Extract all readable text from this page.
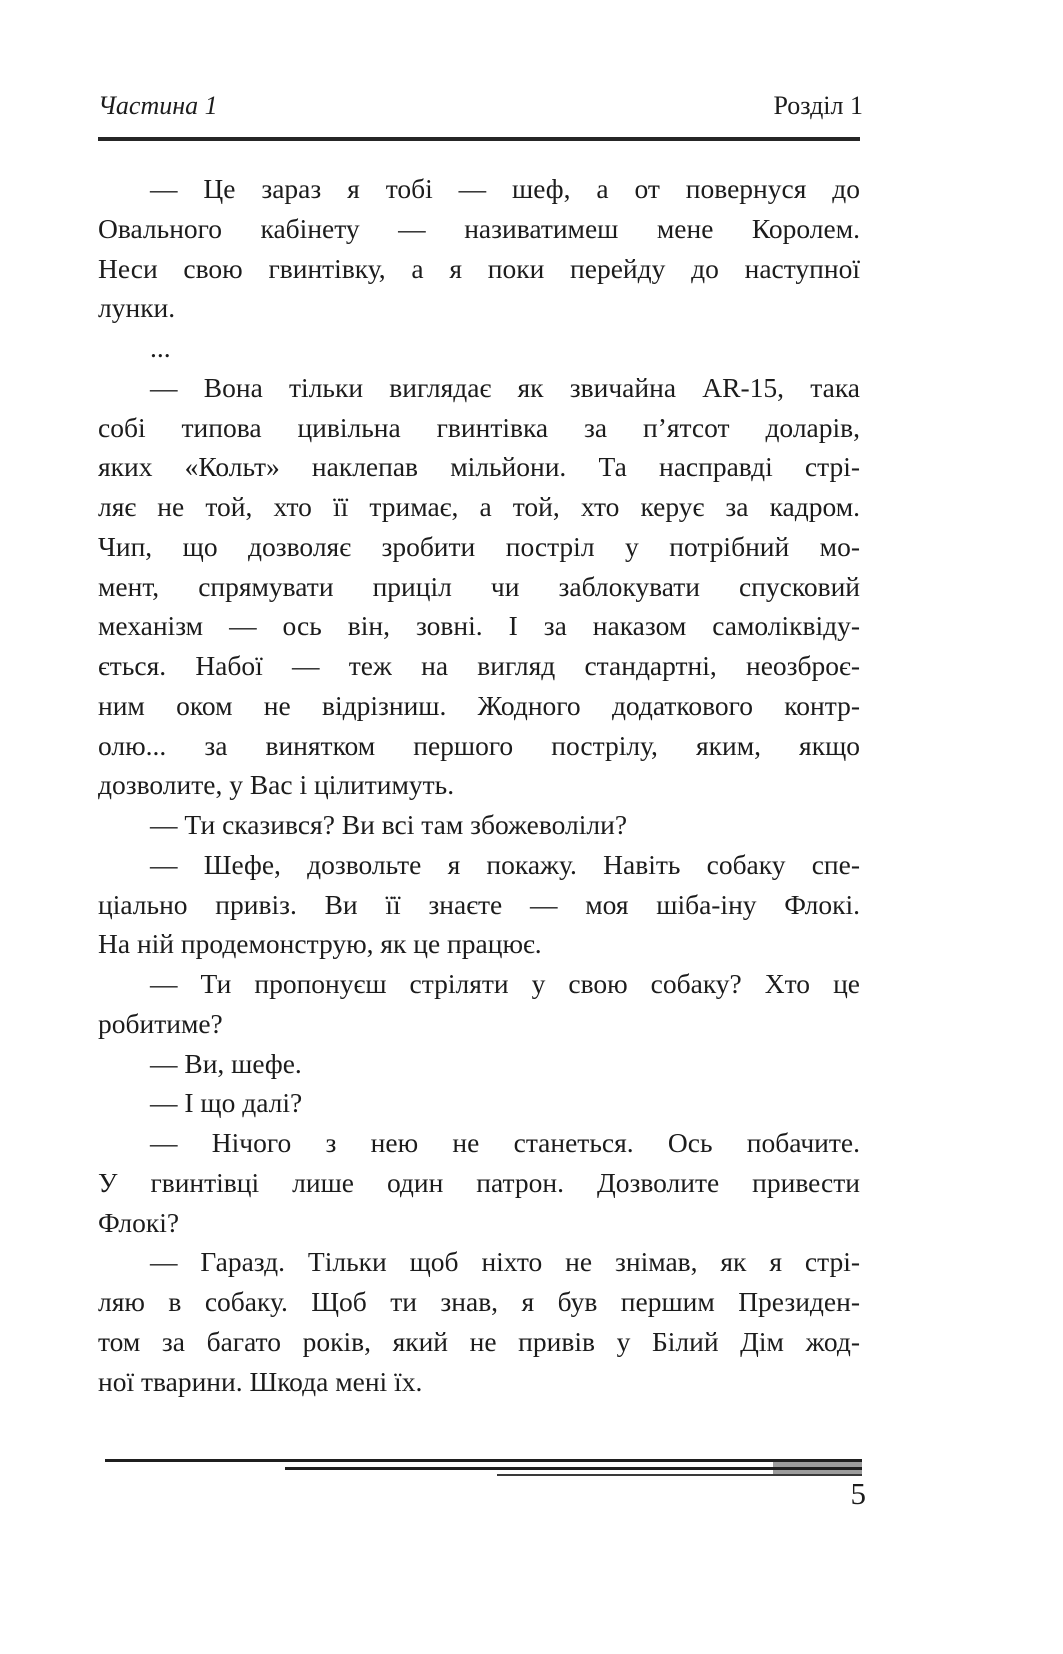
Частина 1	Розділ 1
— Це зараз я тобі — шеф, а от повернуся до
Овального кабінету — називатимеш мене Королем.
Неси свою гвинтівку, а я поки перейду до наступної
лунки.
...
— Вона тільки виглядає як звичайна AR-15, така
собі типова цивільна гвинтівка за п’ятсот доларів,
яких «Кольт» наклепав мільйони. Та насправді стрі-
ляє не той, хто її тримає, а той, хто керує за кадром.
Чип, що дозволяє зробити постріл у потрібний мо-
мент, спрямувати приціл чи заблокувати спусковий
механізм — ось він, зовні. І за наказом самоліквіду-
ється. Набої — теж на вигляд стандартні, неозброє-
ним оком не відрізниш. Жодного додаткового контр-
олю... за винятком першого пострілу, яким, якщо
дозволите, у Вас і цілитимуть.
— Ти сказився? Ви всі там збожеволіли?
— Шефе, дозвольте я покажу. Навіть собаку спе-
ціально привіз. Ви її знаєте — моя шіба-іну Флокі.
На ній продемонструю, як це працює.
— Ти пропонуєш стріляти у свою собаку? Хто це
робитиме?
— Ви, шефе.
— І що далі?
— Нічого з нею не станеться. Ось побачите.
У гвинтівці лише один патрон. Дозволите привести
Флокі?
— Гаразд. Тільки щоб ніхто не знімав, як я стрі-
ляю в собаку. Щоб ти знав, я був першим Президен-
том за багато років, який не привів у Білий Дім жод-
ної тварини. Шкода мені їх.
5
